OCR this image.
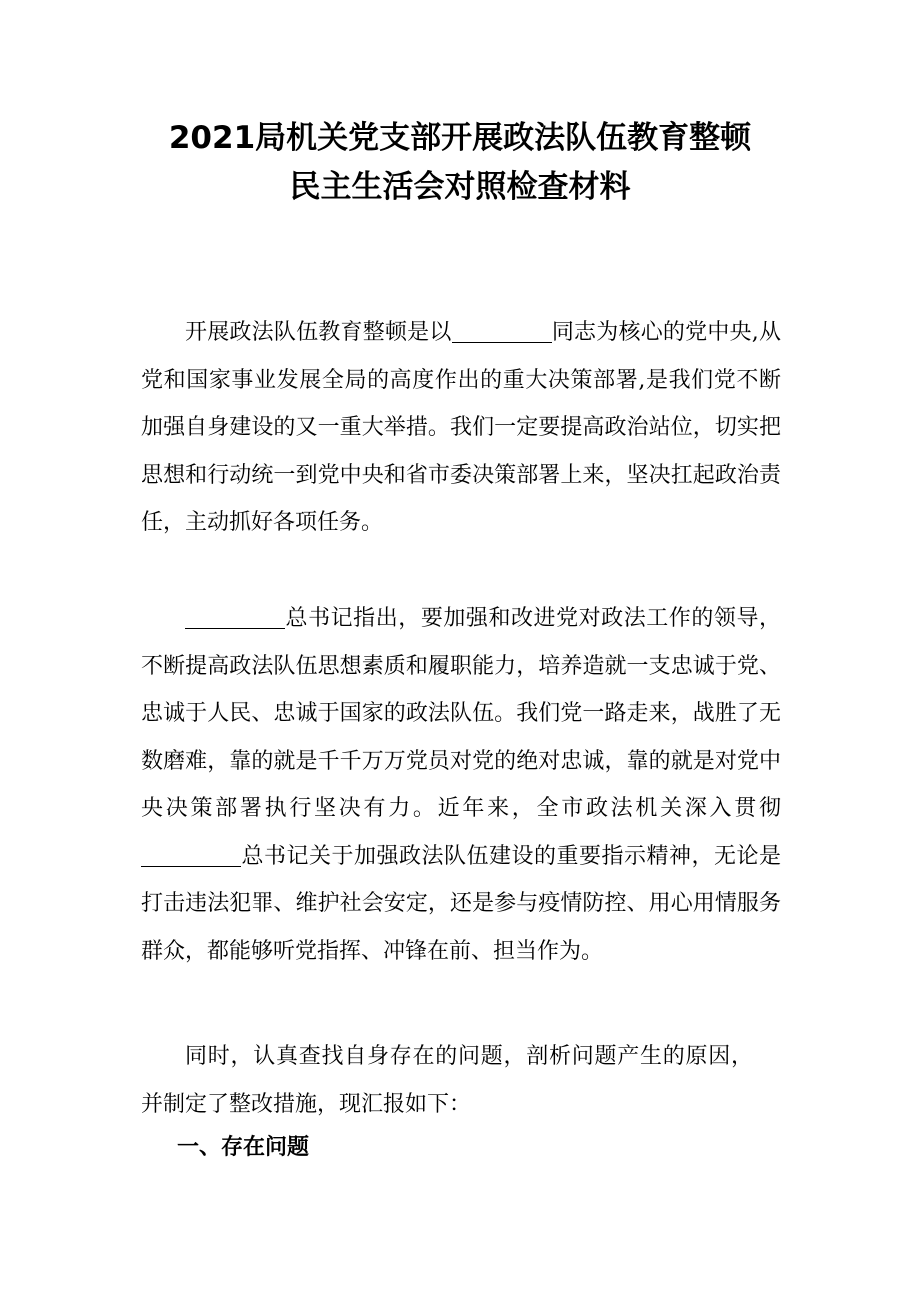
2021局机关党支部开展政法队伍教育整顿
民主生活会对照检查材料
开展政法队伍教育整顿是以	同志为核心的党中央,从党和国家事业发展全局的高度作出的重大决策部署,是我们党不断加强自身建设的又一重大举措。我们一定要提高政治站位，切实把思想和行动统一到党中央和省市委决策部署上来，坚决扛起政治责任，主动抓好各项任务。
总书记指出，要加强和改进党对政法工作的领导，不断提高政法队伍思想素质和履职能力，培养造就一支忠诚于党、忠诚于人民、忠诚于国家的政法队伍。我们党一路走来，战胜了无数磨难，靠的就是千千万万党员对党的绝对忠诚，靠的就是对党中央决策部署执行坚决有力。近年来，全市政法机关深入贯彻总书记关于加强政法队伍建设的重要指示精神，无论是打击违法犯罪、维护社会安定，还是参与疫情防控、用心用情服务群众，都能够听党指挥、冲锋在前、担当作为。
同时，认真查找自身存在的问题，剖析问题产生的原因，并制定了整改措施，现汇报如下：
一、存在问题
